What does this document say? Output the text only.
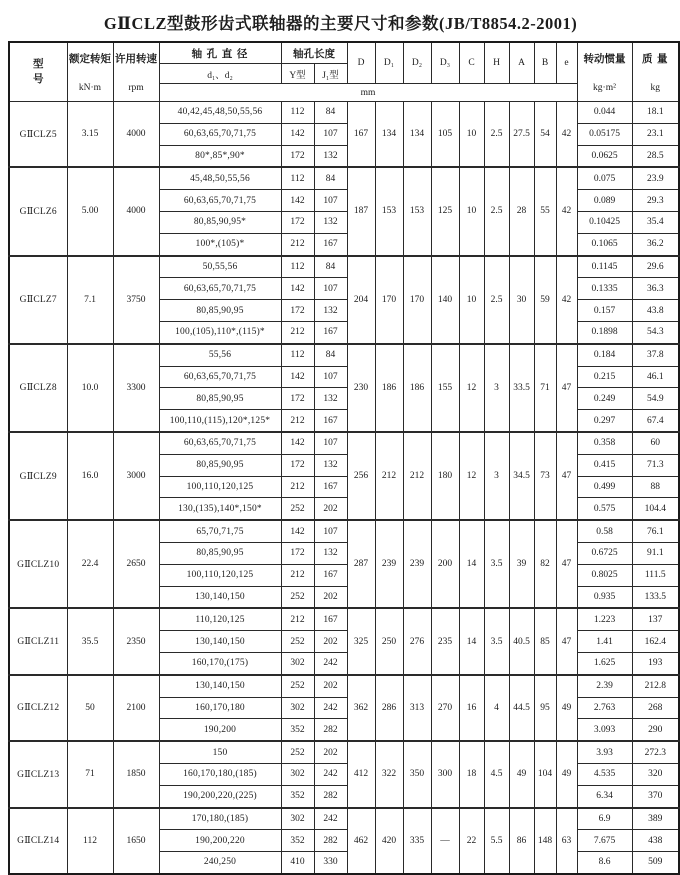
GⅡCLZ型鼓形齿式联轴器的主要尺寸和参数(JB/T8854.2-2001)
型号	额定转矩
kN·m	许用转速
rpm	轴 孔 直 径	轴孔长度		D	D₁	D₂	D₃	C	H	A	B	e	转动惯量
kg·m²	质 量
kg

			d₁、d₂	Y型	J₁型											
			mm													
GⅡCLZ5	3.15	4000	40,42,45,48,50,55,56	112	84	167	134	134	105	10	2.5	27.5	54	42	0.044	18.1
			60,63,65,70,71,75	142	107										0.05175	23.1
			80*,85*,90*	172	132										0.0625	28.5
GⅡCLZ6	5.00	4000	45,48,50,55,56	112	84	187	153	153	125	10	2.5	28	55	42	0.075	23.9
			60,63,65,70,71,75	142	107										0.089	29.3
			80,85,90,95*	172	132										0.10425	35.4
			100*,(105)*	212	167										0.1065	36.2
GⅡCLZ7	7.1	3750	50,55,56	112	84	204	170	170	140	10	2.5	30	59	42	0.1145	29.6
			60,63,65,70,71,75	142	107										0.1335	36.3
			80,85,90,95	172	132										0.157	43.8
			100,(105),110*,(115)*	212	167										0.1898	54.3
GⅡCLZ8	10.0	3300	55,56	112	84	230	186	186	155	12	3	33.5	71	47	0.184	37.8
			60,63,65,70,71,75	142	107										0.215	46.1
			80,85,90,95	172	132										0.249	54.9
			100,110,(115),120*,125*	212	167										0.297	67.4
GⅡCLZ9	16.0	3000	60,63,65,70,71,75	142	107	256	212	212	180	12	3	34.5	73	47	0.358	60
			80,85,90,95	172	132										0.415	71.3
			100,110,120,125	212	167										0.499	88
			130,(135),140*,150*	252	202										0.575	104.4
GⅡCLZ10	22.4	2650	65,70,71,75	142	107	287	239	239	200	14	3.5	39	82	47	0.58	76.1
			80,85,90,95	172	132										0.6725	91.1
			100,110,120,125	212	167										0.8025	111.5
			130,140,150	252	202										0.935	133.5
GⅡCLZ11	35.5	2350	110,120,125	212	167	325	250	276	235	14	3.5	40.5	85	47	1.223	137
			130,140,150	252	202										1.41	162.4
			160,170,(175)	302	242										1.625	193
GⅡCLZ12	50	2100	130,140,150	252	202	362	286	313	270	16	4	44.5	95	49	2.39	212.8
			160,170,180	302	242										2.763	268
			190,200	352	282										3.093	290
GⅡCLZ13	71	1850	150	252	202	412	322	350	300	18	4.5	49	104	49	3.93	272.3
			160,170,180,(185)	302	242										4.535	320
			190,200,220,(225)	352	282										6.34	370
GⅡCLZ14	112	1650	170,180,(185)	302	242	462	420	335	—	22	5.5	86	148	63	6.9	389
			190,200,220	352	282										7.675	438
			240,250	410	330										8.6	509
